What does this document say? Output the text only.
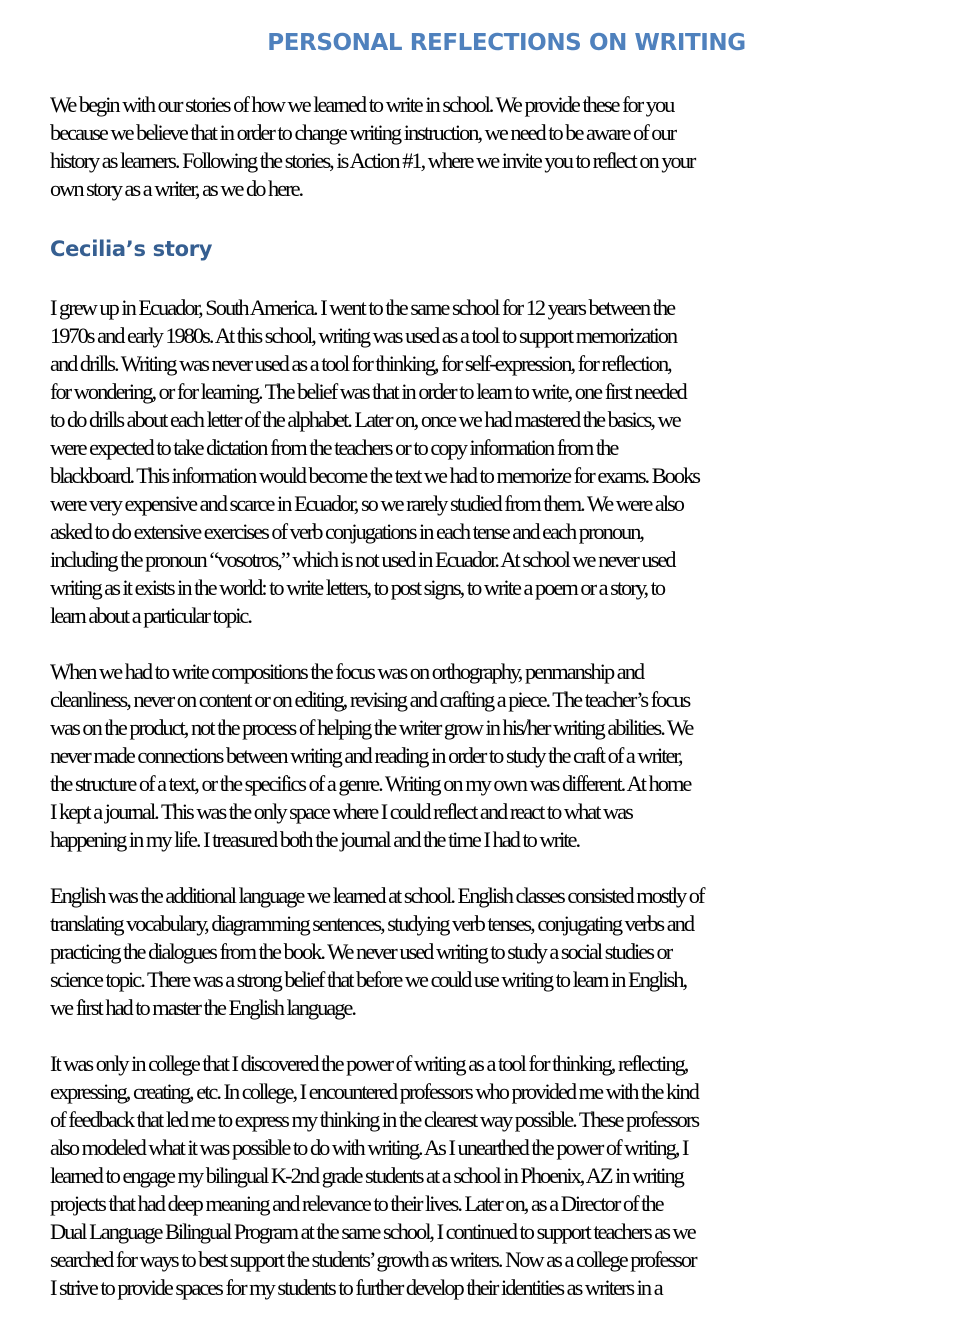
PERSONAL REFLECTIONS ON WRITING

We begin with our stories of how we learned to write in school. We provide these for you
because we believe that in order to change writing instruction, we need to be aware of our
history as learners. Following the stories, is Action #1, where we invite you to reflect on your
own story as a writer, as we do here.

Cecilia’s story

I grew up in Ecuador, South America. I went to the same school for 12 years between the
1970s and early 1980s. At this school, writing was used as a tool to support memorization
and drills. Writing was never used as a tool for thinking, for self-expression, for reflection,
for wondering, or for learning. The belief was that in order to learn to write, one first needed
to do drills about each letter of the alphabet. Later on, once we had mastered the basics, we
were expected to take dictation from the teachers or to copy information from the
blackboard. This information would become the text we had to memorize for exams. Books
were very expensive and scarce in Ecuador, so we rarely studied from them. We were also
asked to do extensive exercises of verb conjugations in each tense and each pronoun,
including the pronoun “vosotros,” which is not used in Ecuador. At school we never used
writing as it exists in the world: to write letters, to post signs, to write a poem or a story, to
learn about a particular topic.

When we had to write compositions the focus was on orthography, penmanship and
cleanliness, never on content or on editing, revising and crafting a piece. The teacher’s focus
was on the product, not the process of helping the writer grow in his/her writing abilities. We
never made connections between writing and reading in order to study the craft of a writer,
the structure of a text, or the specifics of a genre. Writing on my own was different. At home
I kept a journal. This was the only space where I could reflect and react to what was
happening in my life. I treasured both the journal and the time I had to write.

English was the additional language we learned at school. English classes consisted mostly of
translating vocabulary, diagramming sentences, studying verb tenses, conjugating verbs and
practicing the dialogues from the book. We never used writing to study a social studies or
science topic. There was a strong belief that before we could use writing to learn in English,
we first had to master the English language.

It was only in college that I discovered the power of writing as a tool for thinking, reflecting,
expressing, creating, etc. In college, I encountered professors who provided me with the kind
of feedback that led me to express my thinking in the clearest way possible. These professors
also modeled what it was possible to do with writing. As I unearthed the power of writing, I
learned to engage my bilingual K-2nd grade students at a school in Phoenix, AZ in writing
projects that had deep meaning and relevance to their lives. Later on, as a Director of the
Dual Language Bilingual Program at the same school, I continued to support teachers as we
searched for ways to best support the students’ growth as writers. Now as a college professor
I strive to provide spaces for my students to further develop their identities as writers in a
